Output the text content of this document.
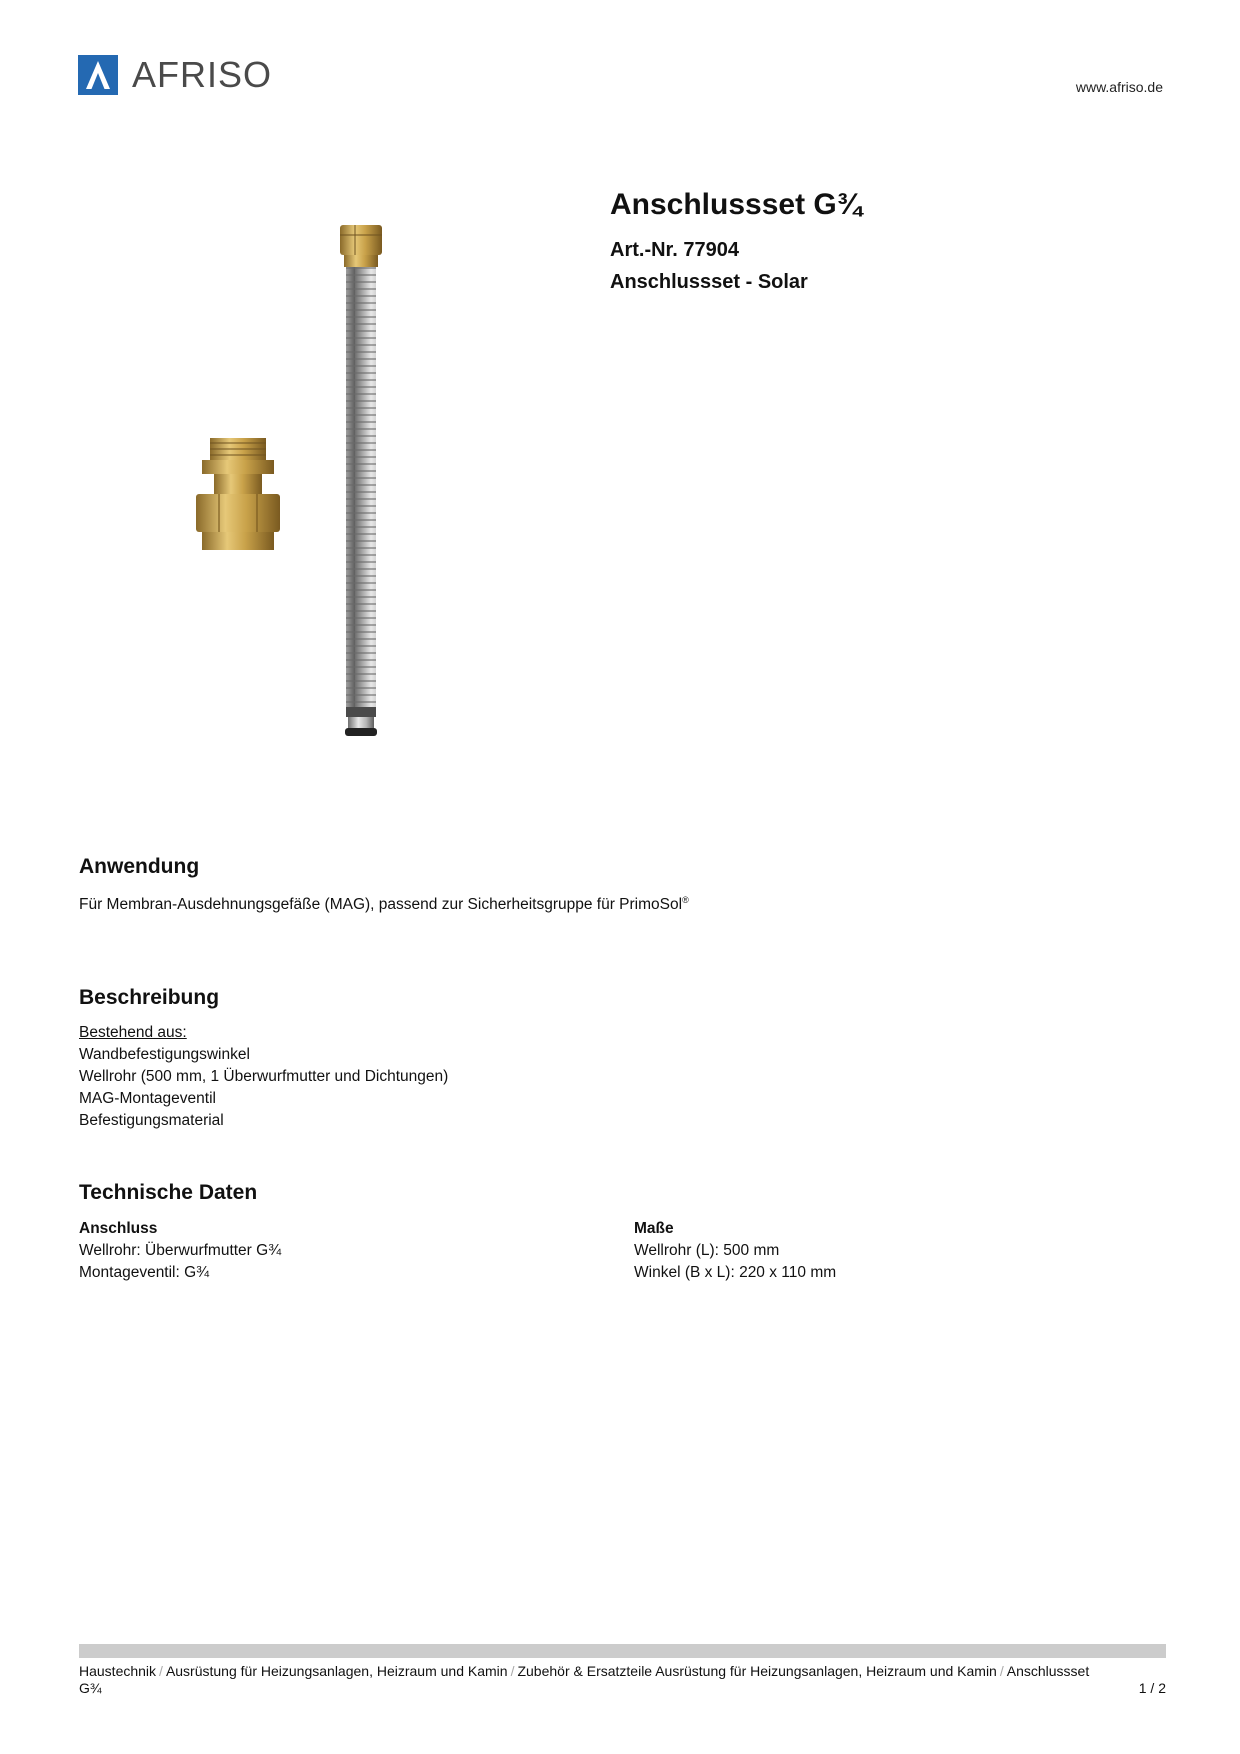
AFRISO	www.afriso.de
Anschlussset G¾
Art.-Nr. 77904
Anschlussset - Solar
Anwendung
Für Membran-Ausdehnungsgefäße (MAG), passend zur Sicherheitsgruppe für PrimoSol®
Beschreibung
Bestehend aus:
Wandbefestigungswinkel
Wellrohr (500 mm, 1 Überwurfmutter und Dichtungen)
MAG-Montageventil
Befestigungsmaterial
Technische Daten
Anschluss
Wellrohr: Überwurfmutter G¾
Montageventil: G¾
Maße
Wellrohr (L): 500 mm
Winkel (B x L): 220 x 110 mm
Haustechnik / Ausrüstung für Heizungsanlagen, Heizraum und Kamin / Zubehör & Ersatzteile Ausrüstung für Heizungsanlagen, Heizraum und Kamin / Anschlussset G¾	1 / 2
